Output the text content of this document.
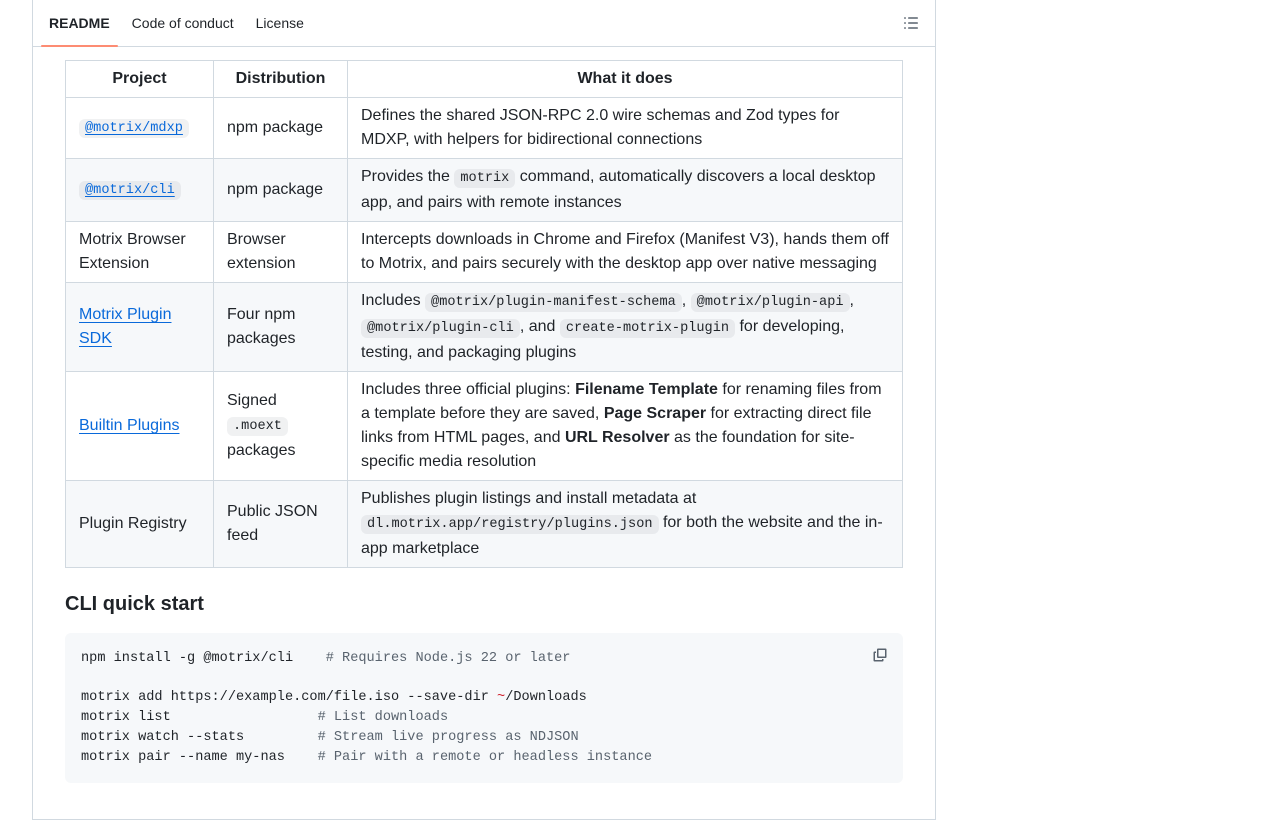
README	Code of conduct	License
Project	Distribution	What it does
@motrix/mdxp	npm package	Defines the shared JSON-RPC 2.0 wire schemas and Zod types for MDXP, with helpers for bidirectional connections
@motrix/cli	npm package	Provides the motrix command, automatically discovers a local desktop app, and pairs with remote instances
Motrix Browser Extension	Browser extension	Intercepts downloads in Chrome and Firefox (Manifest V3), hands them off to Motrix, and pairs securely with the desktop app over native messaging
Motrix Plugin SDK	Four npm packages	Includes @motrix/plugin-manifest-schema , @motrix/plugin-api , @motrix/plugin-cli , and create-motrix-plugin for developing, testing, and packaging plugins
Builtin Plugins	Signed .moext packages	Includes three official plugins: Filename Template for renaming files from a template before they are saved, Page Scraper for extracting direct file links from HTML pages, and URL Resolver as the foundation for site-specific media resolution
Plugin Registry	Public JSON feed	Publishes plugin listings and install metadata at dl.motrix.app/registry/plugins.json for both the website and the in-app marketplace
CLI quick start
npm install -g @motrix/cli    # Requires Node.js 22 or later

motrix add https://example.com/file.iso --save-dir ~/Downloads
motrix list                  # List downloads
motrix watch --stats         # Stream live progress as NDJSON
motrix pair --name my-nas    # Pair with a remote or headless instance
